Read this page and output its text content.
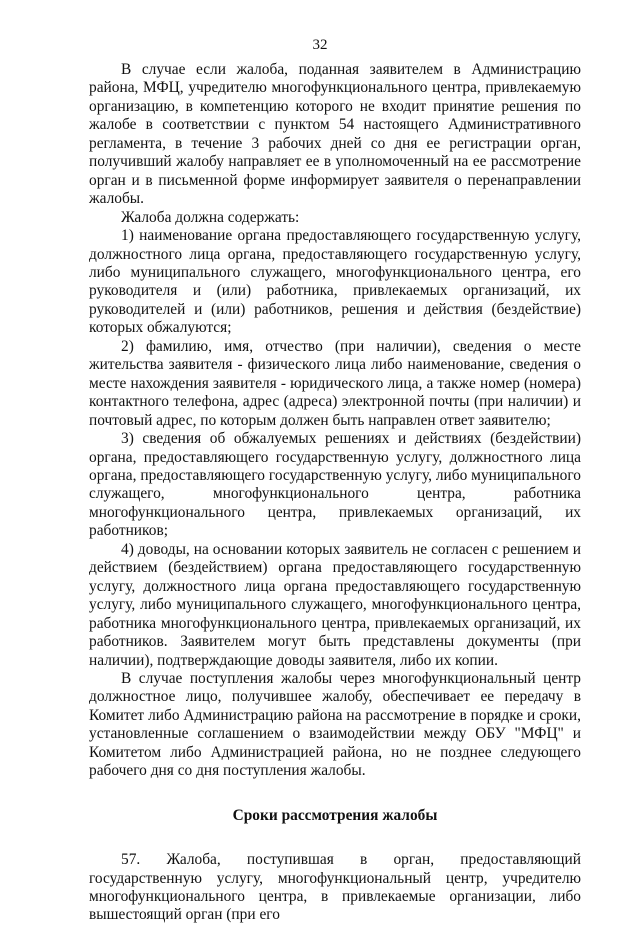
32

В случае если жалоба, поданная заявителем в Администрацию района, МФЦ, учредителю многофункционального центра, привлекаемую организацию, в компетенцию которого не входит принятие решения по жалобе в соответствии с пунктом 54 настоящего Административного регламента, в течение 3 рабочих дней со дня ее регистрации орган, получивший жалобу направляет ее в уполномоченный на ее рассмотрение орган и в письменной форме информирует заявителя о перенаправлении жалобы.

Жалоба должна содержать:

1) наименование органа предоставляющего государственную услугу, должностного лица органа, предоставляющего государственную услугу, либо муниципального служащего, многофункционального центра, его руководителя и (или) работника, привлекаемых организаций, их руководителей и (или) работников, решения и действия (бездействие) которых обжалуются;

2) фамилию, имя, отчество (при наличии), сведения о месте жительства заявителя - физического лица либо наименование, сведения о месте нахождения заявителя - юридического лица, а также номер (номера) контактного телефона, адрес (адреса) электронной почты (при наличии) и почтовый адрес, по которым должен быть направлен ответ заявителю;

3) сведения об обжалуемых решениях и действиях (бездействии) органа, предоставляющего государственную услугу, должностного лица органа, предоставляющего государственную услугу, либо муниципального служащего, многофункционального центра, работника многофункционального центра, привлекаемых организаций, их работников;

4) доводы, на основании которых заявитель не согласен с решением и действием (бездействием) органа предоставляющего государственную услугу, должностного лица органа предоставляющего государственную услугу, либо муниципального служащего, многофункционального центра, работника многофункционального центра, привлекаемых организаций, их работников. Заявителем могут быть представлены документы (при наличии), подтверждающие доводы заявителя, либо их копии.

В случае поступления жалобы через многофункциональный центр должностное лицо, получившее жалобу, обеспечивает ее передачу в Комитет либо Администрацию района на рассмотрение в порядке и сроки, установленные соглашением о взаимодействии между ОБУ "МФЦ" и Комитетом либо Администрацией района, но не позднее следующего рабочего дня со дня поступления жалобы.

Сроки рассмотрения жалобы

57. Жалоба, поступившая в орган, предоставляющий государственную услугу, многофункциональный центр, учредителю многофункционального центра, в привлекаемые организации, либо вышестоящий орган (при его
